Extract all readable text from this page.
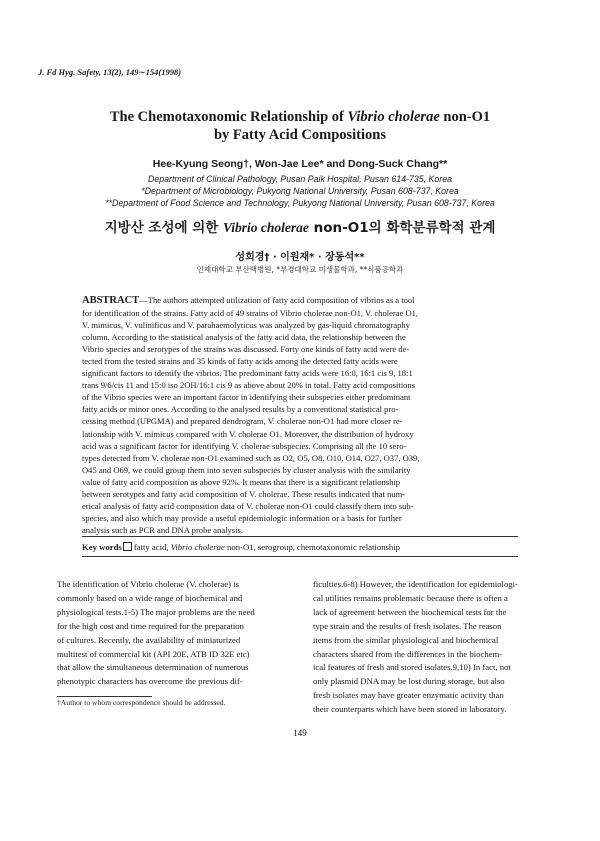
J. Fd Hyg. Safety, 13(2), 149∼154(1998)
The Chemotaxonomic Relationship of Vibrio cholerae non-O1
by Fatty Acid Compositions
Hee-Kyung Seong†, Won-Jae Lee* and Dong-Suck Chang**
Department of Clinical Pathology, Pusan Paik Hospital, Pusan 614-735, Korea
*Department of Microbiology, Pukyong National University, Pusan 608-737, Korea
**Department of Food Science and Technology, Pukyong National University, Pusan 608-737, Korea
지방산 조성에 의한 Vibrio cholerae non-O1의 화학분류학적 관계
성희경† · 이원재* · 장동석**
인제대학교 부산백병원, *부경대학교 미생물학과, **식품공학과
ABSTRACT—The authors attempted utilization of fatty acid composition of vibrios as a tool
for identification of the strains. Fatty acid of 49 strains of Vibrio cholerae non-O1, V. cholerae O1,
V. mimicus, V. vulinificus and V. parahaemolyticus was analyzed by gas-liquid chromatography
column. According to the statistical analysis of the fatty acid data, the relationship between the
Vibrio species and serotypes of the strains was discussed. Forty one kinds of fatty acid were de-
tected from the tested strains and 35 kinds of fatty acids among the detected fatty acids were
significant factors to identify the vibrios. The predominant fatty acids were 16:0, 16:1 cis 9, 18:1
trans 9/6/cis 11 and 15:0 iso 2OH/16:1 cis 9 as above about 20% in total. Fatty acid compositions
of the Vibrio species were an important factor in identifying their subspecies either predominant
fatty acids or minor ones. According to the analysed results by a conventional statistical pro-
cessing method (UPGMA) and prepared dendrogram, V. cholerae non-O1 had more closer re-
lationship with V. mimicus compared with V. cholerae O1. Moreover, the distribution of hydroxy
acid was a significant factor for identifying V. cholerae subspecies. Comprising all the 10 sero-
types detected from V. cholerae non-O1 examined such as O2, O5, O8, O10, O14, O27, O37, O39,
O45 and O69, we could group them into seven subspecies by cluster analysis with the similarity
value of fatty acid composition as above 92%. It means that there is a significant relationship
between serotypes and fatty acid composition of V. cholerae. These results indicated that num-
erical analysis of fatty acid composition data of V. cholerae non-O1 could classify them into sub-
species, and also which may provide a useful epidemiologic information or a basis for further
analysis such as PCR and DNA probe analysis.
Key words fatty acid, Vibrio cholerae non-O1, serogroup, chemotaxonomic relationship
The identification of Vibrio cholerae (V. cholerae) is
commonly based on a wide range of biochemical and
physiological tests.1-5) The major problems are the need
for the high cost and time required for the preparation
of cultures. Recently, the availability of miniaturized
multitest of commercial kit (API 20E, ATB ID 32E etc)
that allow the simultaneous determination of numerous
phenotypic characters has overcome the previous dif-
ficulties.6-8) However, the identification for epidemiologi-
cal utilities remains problematic because there is often a
lack of agreement between the biochemical tests for the
type strain and the results of fresh isolates. The reason
items from the similar physiological and biochemical
characters shared from the differences in the biochem-
ical features of fresh and stored isolates.9,10) In fact, not
only plasmid DNA may be lost during storage, but also
fresh isolates may have greater enzymatic activity than
their counterparts which have been stored in laboratory.
†Author to whom correspondence should be addressed.
149
